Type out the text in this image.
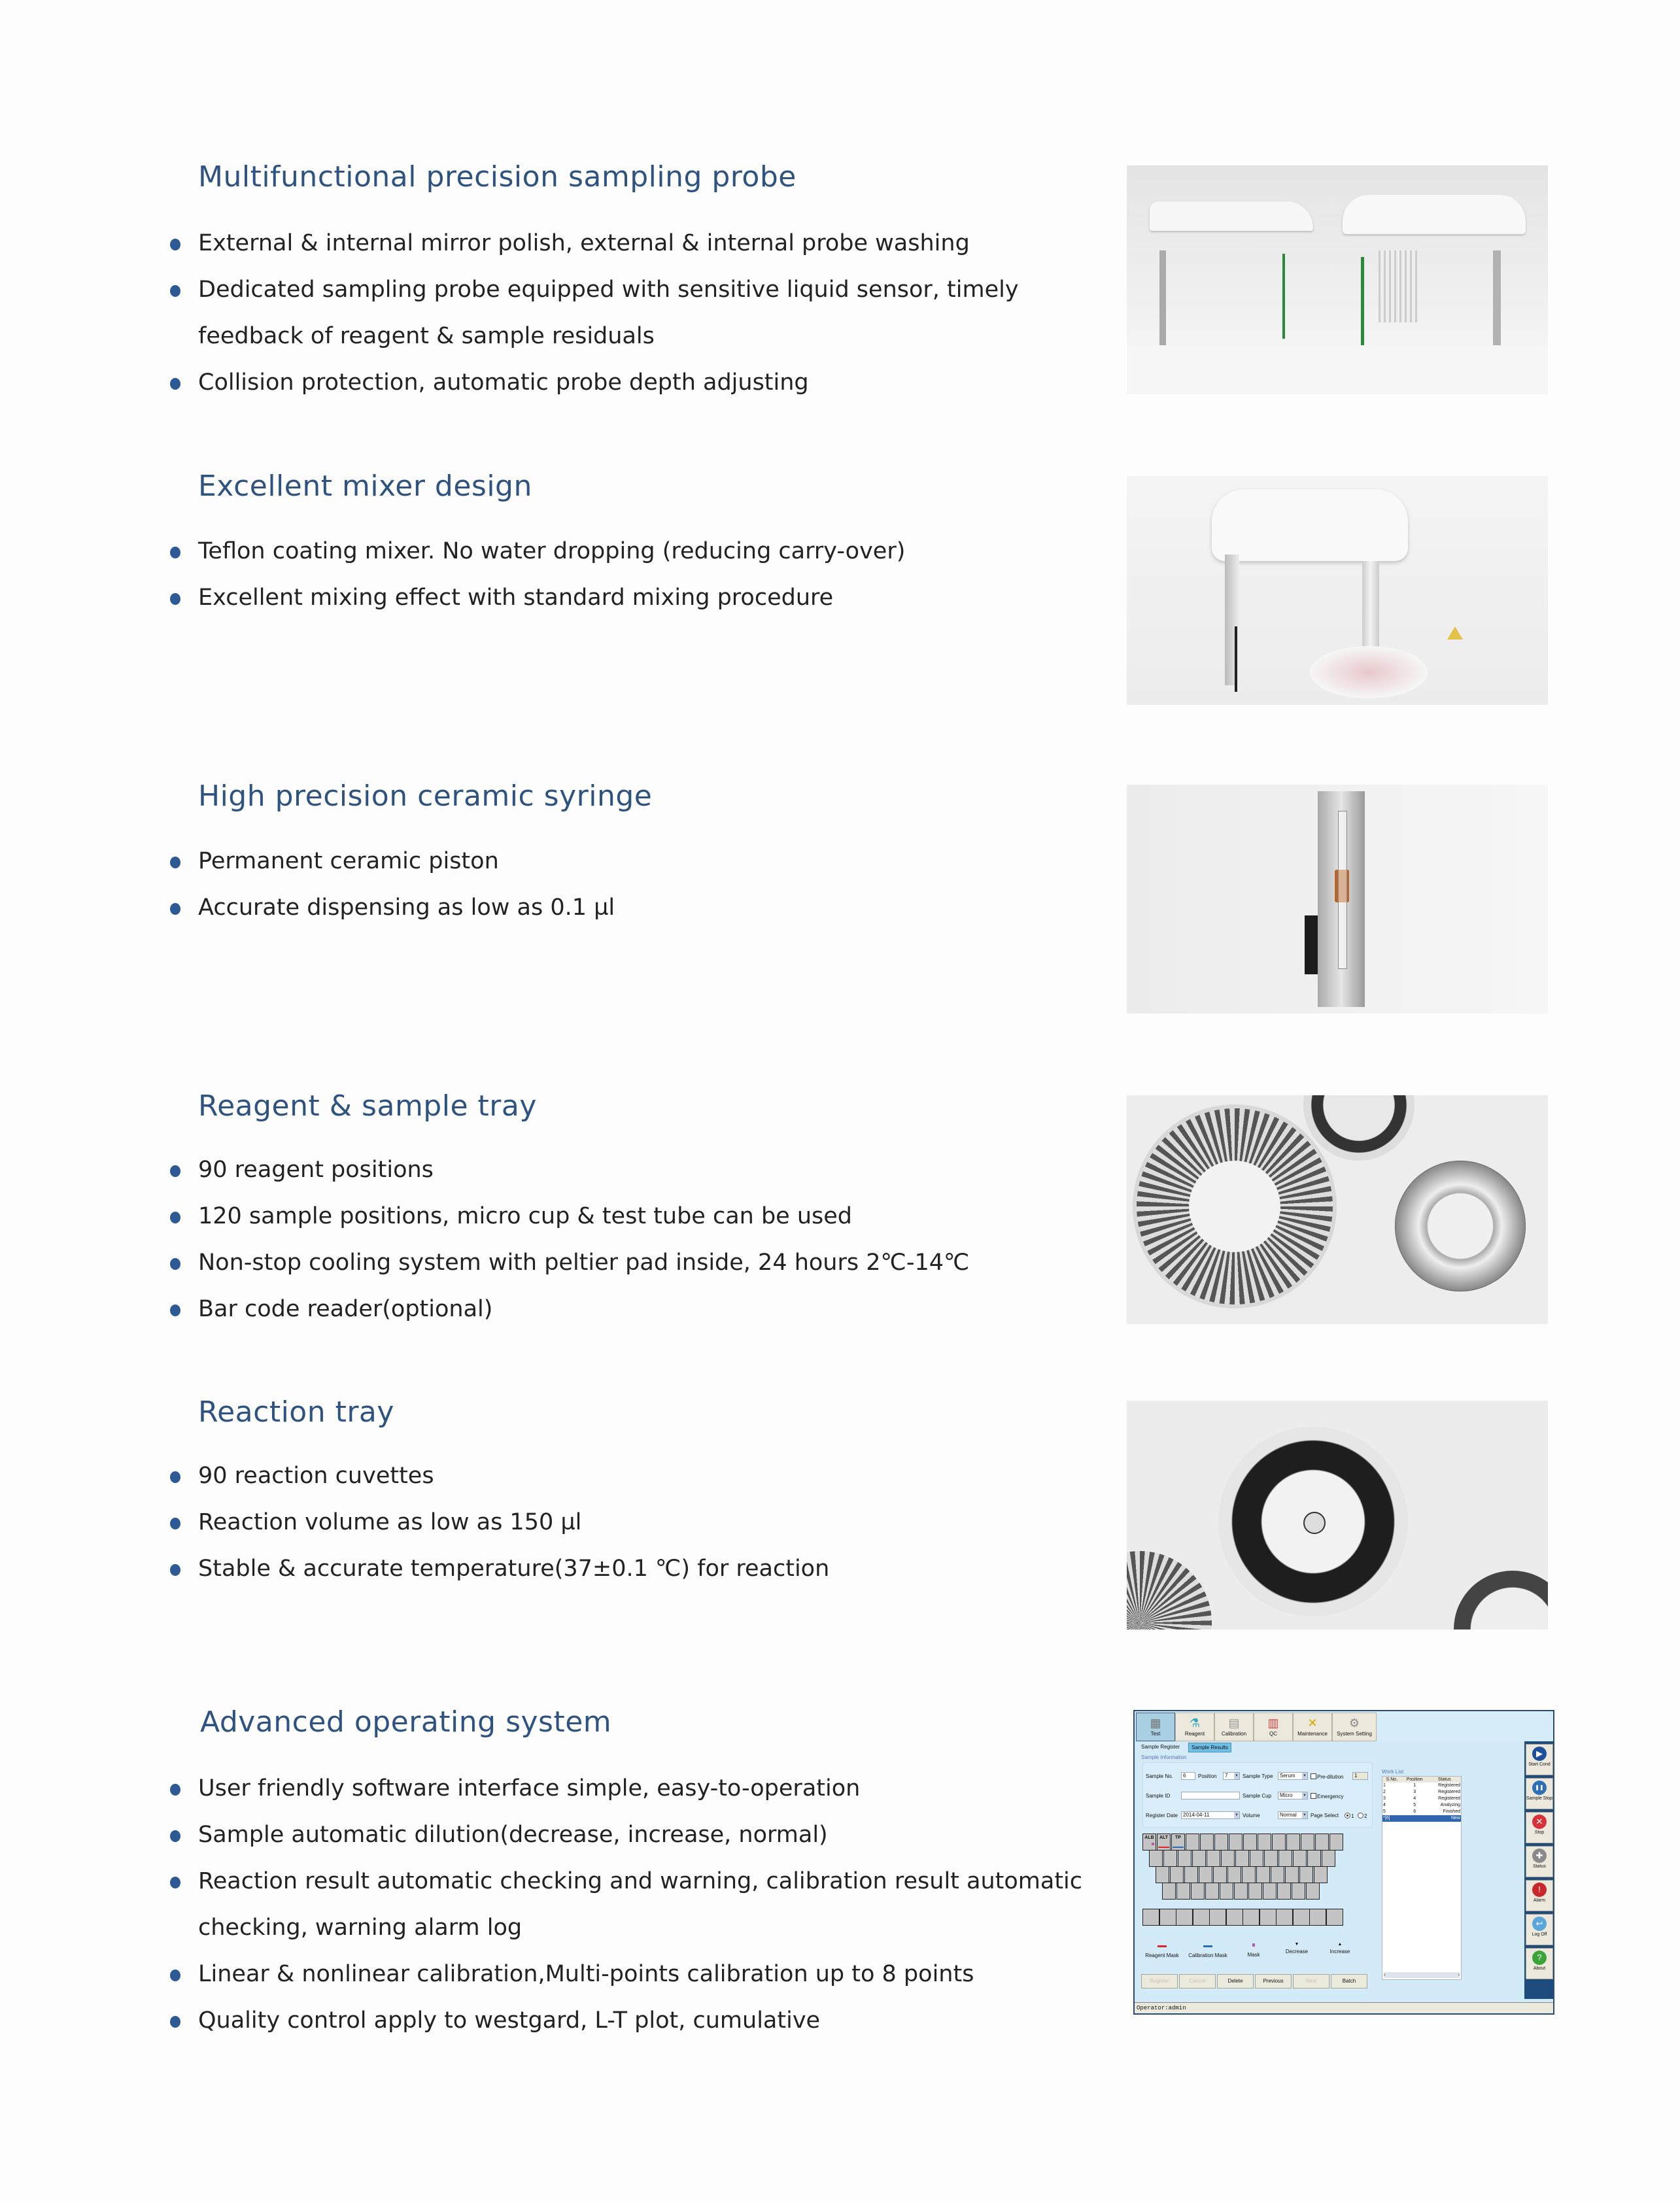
Multifunctional precision sampling probe
External & internal mirror polish, external & internal probe washing
Dedicated sampling probe equipped with sensitive liquid sensor, timely feedback of reagent & sample residuals
Collision protection, automatic probe depth adjusting
Excellent mixer design
Teflon coating mixer. No water dropping (reducing carry-over)
Excellent mixing effect with standard mixing procedure
High precision ceramic syringe
Permanent ceramic piston
Accurate dispensing as low as 0.1 µl
Reagent & sample tray
90 reagent positions
120 sample positions, micro cup & test tube can be used
Non-stop cooling system with peltier pad inside, 24 hours 2℃-14℃
Bar code reader(optional)
Reaction tray
90 reaction cuvettes
Reaction volume as low as 150 µl
Stable & accurate temperature(37±0.1 ℃) for reaction
Advanced operating system
User friendly software interface simple, easy-to-operation
Sample automatic dilution(decrease, increase, normal)
Reaction result automatic checking and warning, calibration result automatic checking, warning alarm log
Linear & nonlinear calibration,Multi-points calibration up to 8 points
Quality control apply to westgard, L-T plot, cumulative
▦
Test
⚗
Reagent
▤
Calibration
▥
QC
✕
Maintenance
⚙
System Setting
Sample Register	Sample Results
Sample Information
Sample No.	6	Position	7 ▼ Sample Type	Serum ▼	Pre-dilution	1
Sample ID	Sample Cup	Micro	▼	Emergency
Register Date	2014-04-11	▼ Volume	Normal ▼ Page Select	1	2
ALB	ALT	TP
Reagent Mask	Calibration Mask	Mask
▼
Decrease
▲
Increase
Register	Cancel	Delete	Previous	Next	Batch
S.No.	Position	Status
1	1	Registered
2	3	Registered
3	4	Registered
4	5	Analyzing
5	6	Finished
*[6]		New
‹	›
Work List
▶
Start Cond
❚❚
Sample Stop
✕
Stop
✚
Status
!
Alarm
↩
Log Off
?
About
Operator:admin
